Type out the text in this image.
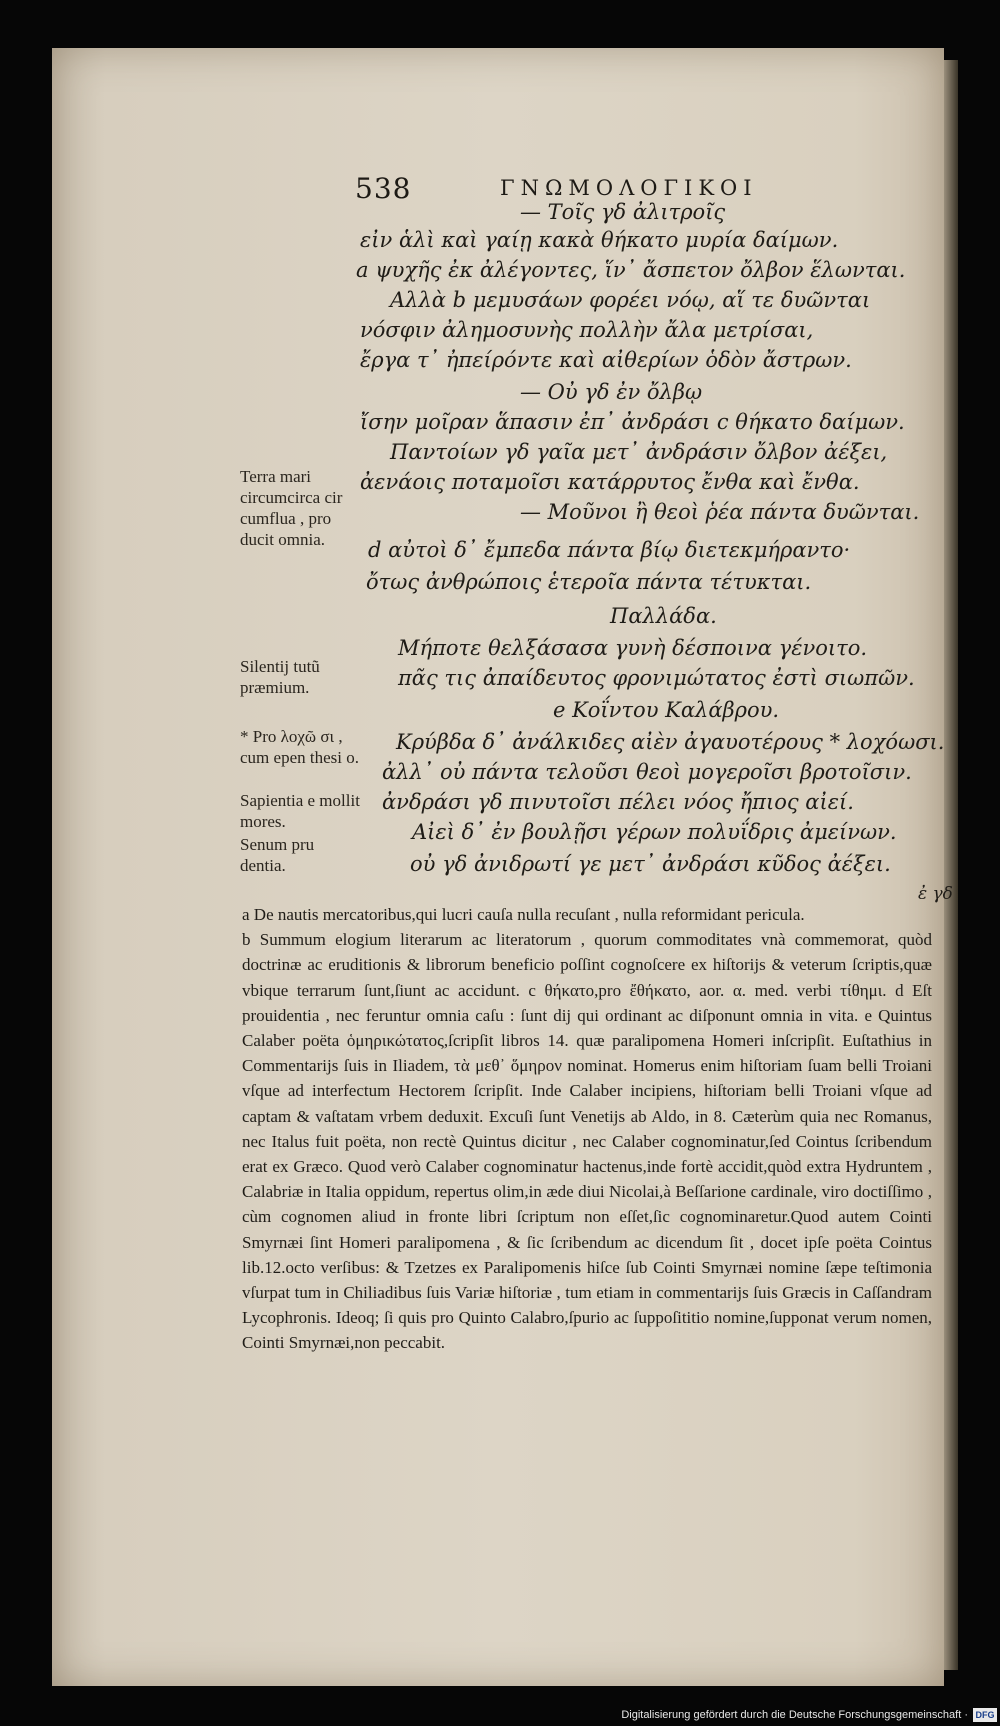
538	ΓΝΩΜΟΛΟΓΙΚΟΙ
— Τοῖς γδ ἀλιτροῖς
εἰν ἁλὶ καὶ γαίῃ κακὰ θήκατο μυρία δαίμων.
a ψυχῆς ἐκ ἀλέγοντες, ἵν᾽ ἄσπετον ὄλβον ἕλωνται.
Αλλὰ b μεμυσάων φορέει νόῳ, αἵ τε δυῶνται
νόσφιν ἀλημοσυνὴς πολλὴν ἄλα μετρίσαι,
ἔργα τ᾽ ἠπείρόντε καὶ αἰθερίων ὁδὸν ἄστρων.
— Οὐ γδ ἐν ὄλβῳ
ἴσην μοῖραν ἅπασιν ἐπ᾽ ἀνδράσι c θήκατο δαίμων.
Παντοίων γδ γαῖα μετ᾽ ἀνδράσιν ὄλβον ἀέξει,
ἀενάοις ποταμοῖσι κατάρρυτος ἔνθα καὶ ἔνθα.
— Μοῦνοι ἢ θεοὶ ῥέα πάντα δυῶνται.
d αὐτοὶ δ᾽ ἔμπεδα πάντα βίῳ διετεκμήραντο·
ὄτως ἀνθρώποις ἑτεροῖα πάντα τέτυκται.
Παλλάδα.
Μήποτε θελξάσασα γυνὴ δέσποινα γένοιτο.
πᾶς τις ἀπαίδευτος φρονιμώτατος ἐστὶ σιωπῶν.
e Κοΐντου Καλάβρου.
Κρύβδα δ᾽ ἀνάλκιδες αἰὲν ἀγαυοτέρους * λοχόωσι.
ἀλλ᾽ οὐ πάντα τελοῦσι θεοὶ μογεροῖσι βροτοῖσιν.
ἀνδράσι γδ πινυτοῖσι πέλει νόος ἤπιος αἰεί.
Αἰεὶ δ᾽ ἐν βουλῇσι γέρων πολυΐδρις ἀμείνων.
οὐ γδ ἀνιδρωτί γε μετ᾽ ἀνδράσι κῦδος ἀέξει.
Terra mari circumcirca cir cumflua , pro ducit omnia.
Silentij tutũ præmium.
* Pro λοχῶ σι , cum epen thesi o.
Sapientia e mollit mores.
Senum pru dentia.
ἐ γδ

a De nautis mercatoribus,qui lucri cauſa nulla recuſant , nulla reformidant pericula.

b Summum elogium literarum ac literatorum , quorum commoditates vnà commemorat, quòd doctrinæ ac eruditionis & librorum beneficio poſſint cognoſcere ex hiſtorijs & veterum ſcriptis,quæ vbique terrarum ſunt,ſiunt ac accidunt. c θήκατο,pro ἔθήκατο, aor. α. med. verbi τίθημι. d Eſt prouidentia , nec feruntur omnia caſu : ſunt dij qui ordinant ac diſponunt omnia in vita. e Quintus Calaber poëta ὁμηρικώτατος,ſcripſit libros 14. quæ paralipomena Homeri inſcripſit. Euſtathius in Commentarijs ſuis in Iliadem, τὰ μεθ᾽ ὅμηρον nominat. Homerus enim hiſtoriam ſuam belli Troiani vſque ad interfectum Hectorem ſcripſit. Inde Calaber incipiens, hiſtoriam belli Troiani vſque ad captam & vaſtatam vrbem deduxit. Excuſi ſunt Venetijs ab Aldo, in 8. Cæterùm quia nec Romanus, nec Italus fuit poëta, non rectè Quintus dicitur , nec Calaber cognominatur,ſed Cointus ſcribendum erat ex Græco. Quod verò Calaber cognominatur hactenus,inde fortè accidit,quòd extra Hydruntem , Calabriæ in Italia oppidum, repertus olim,in æde diui Nicolai,à Beſſarione cardinale, viro doctiſſimo , cùm cognomen aliud in fronte libri ſcriptum non eſſet,ſic cognominaretur.Quod autem Cointi Smyrnæi ſint Homeri paralipomena , & ſic ſcribendum ac dicendum ſit , docet ipſe poëta Cointus lib.12.octo verſibus: & Tzetzes ex Paralipomenis hiſce ſub Cointi Smyrnæi nomine ſæpe teſtimonia vſurpat tum in Chiliadibus ſuis Variæ hiſtoriæ , tum etiam in commentarijs ſuis Græcis in Caſſandram Lycophronis. Ideoq; ſi quis pro Quinto Calabro,ſpurio ac ſuppoſititio nomine,ſupponat verum nomen, Cointi Smyrnæi,non peccabit.

Digitalisierung gefördert durch die Deutsche Forschungsgemeinschaft · DFG
